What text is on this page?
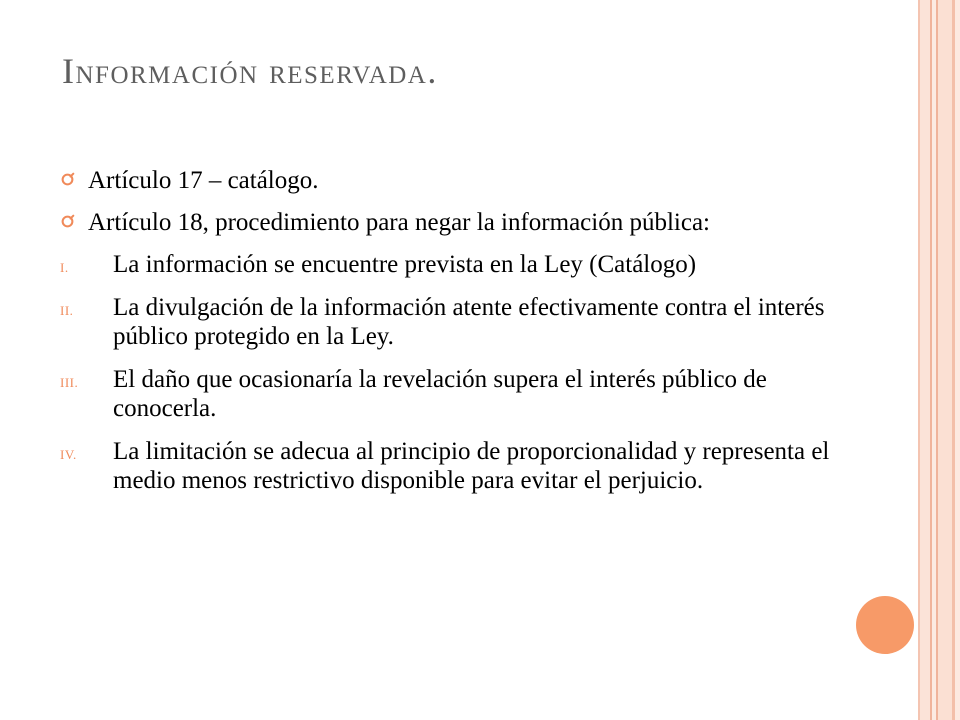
Información reservada.
Artículo 17 – catálogo.
Artículo 18, procedimiento para negar la información pública:
I. La información se encuentre prevista en la Ley (Catálogo)
II. La divulgación de la información atente efectivamente contra el interés público protegido en la Ley.
III. El daño que ocasionaría la revelación supera el interés público de conocerla.
IV. La limitación se adecua al principio de proporcionalidad y representa el medio menos restrictivo disponible para evitar el perjuicio.
